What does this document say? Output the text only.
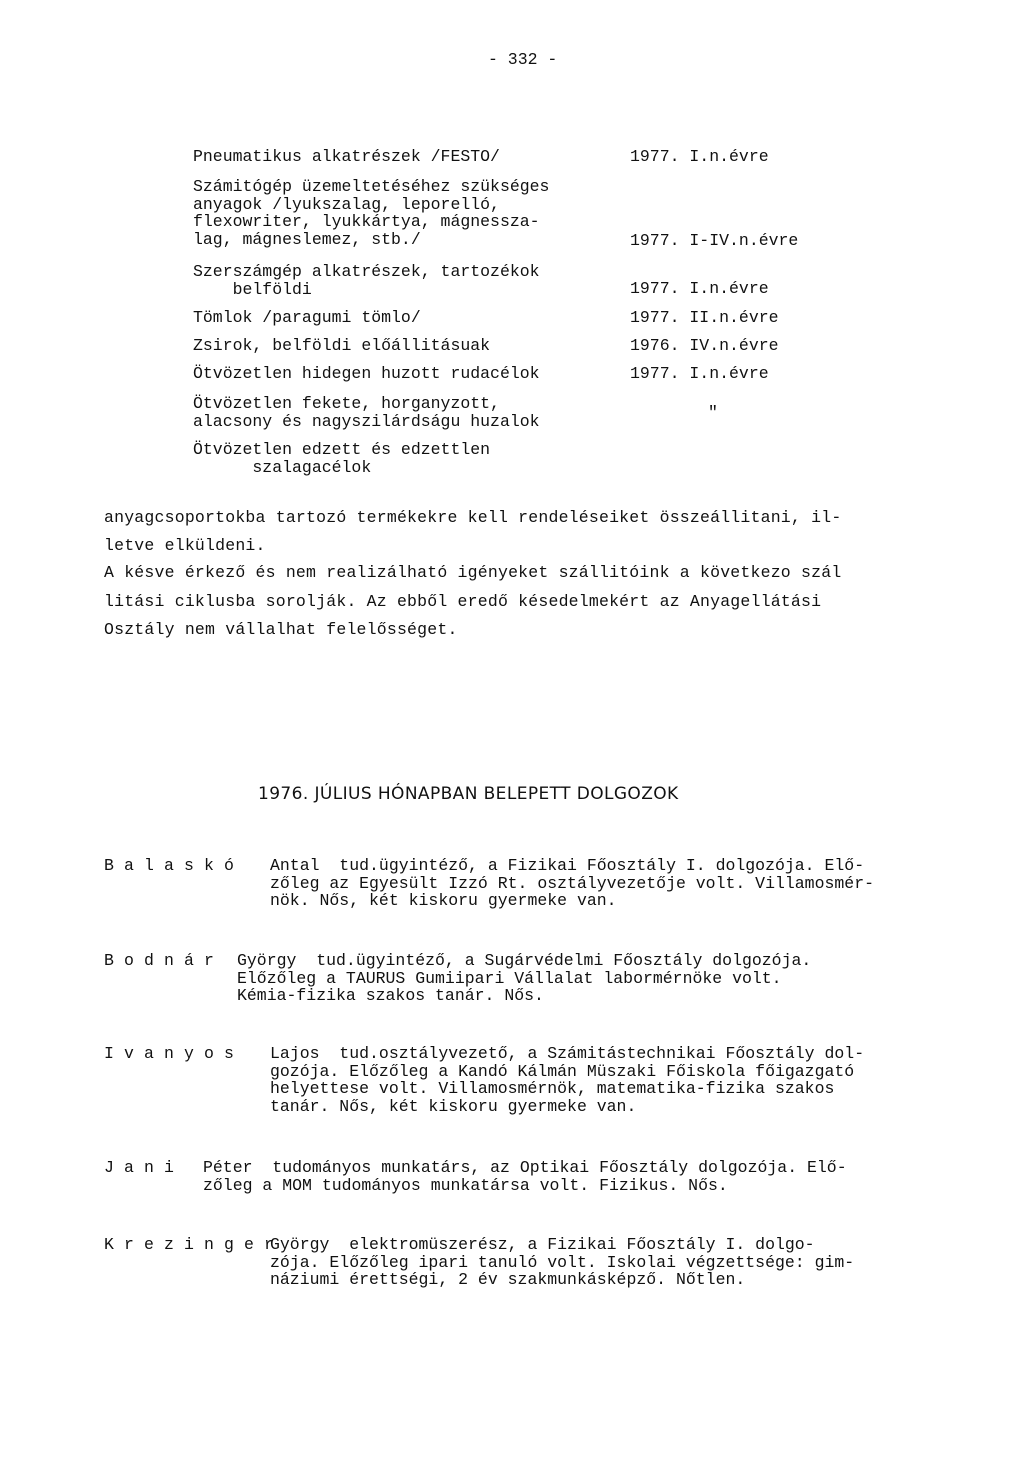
- 332 -
Pneumatikus alkatrészek /FESTO/	1977. I.n.évre
Számitógép üzemeltetéséhez szükséges
anyagok /lyukszalag, leporelló,
flexowriter, lyukkártya, mágnessza-
lag, mágneslemez, stb./	1977. I-IV.n.évre
Szerszámgép alkatrészek, tartozékok
belföldi	1977. I.n.évre
Tömlok /paragumi tömlo/	1977. II.n.évre
Zsirok, belföldi előállitásuak	1976. IV.n.évre
Ötvözetlen hidegen huzott rudacélok	1977. I.n.évre
Ötvözetlen fekete, horganyzott,
alacsony és nagyszilárdságu huzalok	"
Ötvözetlen edzett és edzettlen
szalagacélok
anyagcsoportokba tartozó termékekre kell rendeléseiket összeállitani, il-
letve elküldeni.
A késve érkező és nem realizálható igényeket szállitóink a következo szál
litási ciklusba sorolják. Az ebből eredő késedelmekért az Anyagellátási
Osztály nem vállalhat felelősséget.
1976. JÚLIUS HÓNAPBAN BELEPETT DOLGOZOK
B a l a s k ó Antal  tud.ügyintéző, a Fizikai Főosztály I. dolgozója. Elő-
zőleg az Egyesült Izzó Rt. osztályvezetője volt. Villamosmér-
nök. Nős, két kiskoru gyermeke van.
B o d n á r György  tud.ügyintéző, a Sugárvédelmi Főosztály dolgozója.
Előzőleg a TAURUS Gumiipari Vállalat labormérnöke volt.
Kémia-fizika szakos tanár. Nős.
I v a n y o s Lajos  tud.osztályvezető, a Számitástechnikai Főosztály dol-
gozója. Előzőleg a Kandó Kálmán Müszaki Főiskola főigazgató
helyettese volt. Villamosmérnök, matematika-fizika szakos
tanár. Nős, két kiskoru gyermeke van.
J a n i Péter  tudományos munkatárs, az Optikai Főosztály dolgozója. Elő-
zőleg a MOM tudományos munkatársa volt. Fizikus. Nős.
K r e z i n g e r
György  elektromüszerész, a Fizikai Főosztály I. dolgo-
zója. Előzőleg ipari tanuló volt. Iskolai végzettsége: gim-
náziumi érettségi, 2 év szakmunkásképző. Nőtlen.
